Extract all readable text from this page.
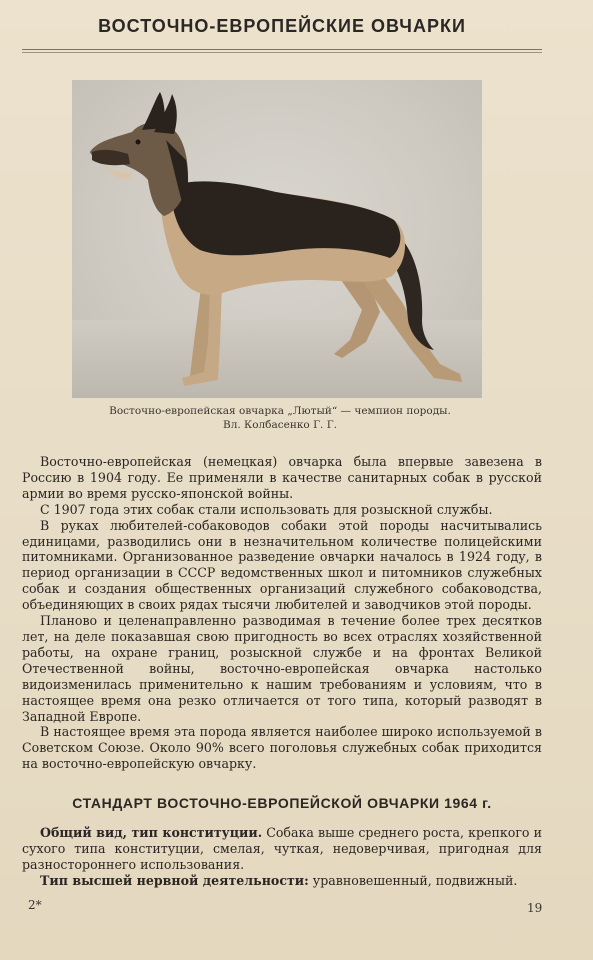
ВОСТОЧНО-ЕВРОПЕЙСКИЕ ОВЧАРКИ
Восточно-европейская овчарка „Лютый“ — чемпион породы.
Вл. Колбасенко Г. Г.

Восточно-европейская (немецкая) овчарка была впервые завезена в Россию в 1904 году. Ее применяли в качестве санитарных собак в русской армии во время русско-японской войны.

С 1907 года этих собак стали использовать для розыскной службы.

В руках любителей-собаководов собаки этой породы насчитывались единицами, разводились они в незначительном количестве полицейскими питомниками. Организованное разведение овчарки началось в 1924 году, в период организации в СССР ведомственных школ и питомников служебных собак и создания общественных организаций служебного собаководства, объединяющих в своих рядах тысячи любителей и заводчиков этой породы.

Планово и целенаправленно разводимая в течение более трех десятков лет, на деле показавшая свою пригодность во всех отраслях хозяйственной работы, на охране границ, розыскной службе и на фронтах Великой Отечественной войны, восточно-европейская овчарка настолько видоизменилась применительно к нашим требованиям и условиям, что в настоящее время она резко отличается от того типа, который разводят в Западной Европе.

В настоящее время эта порода является наиболее широко используемой в Советском Союзе. Около 90% всего поголовья служебных собак приходится на восточно-европейскую овчарку.

СТАНДАРТ ВОСТОЧНО-ЕВРОПЕЙСКОЙ ОВЧАРКИ 1964 г.

Общий вид, тип конституции. Собака выше среднего роста, крепкого и сухого типа конституции, смелая, чуткая, недоверчивая, пригодная для разностороннего использования.

Тип высшей нервной деятельности: уравновешенный, подвижный.

2*	19
